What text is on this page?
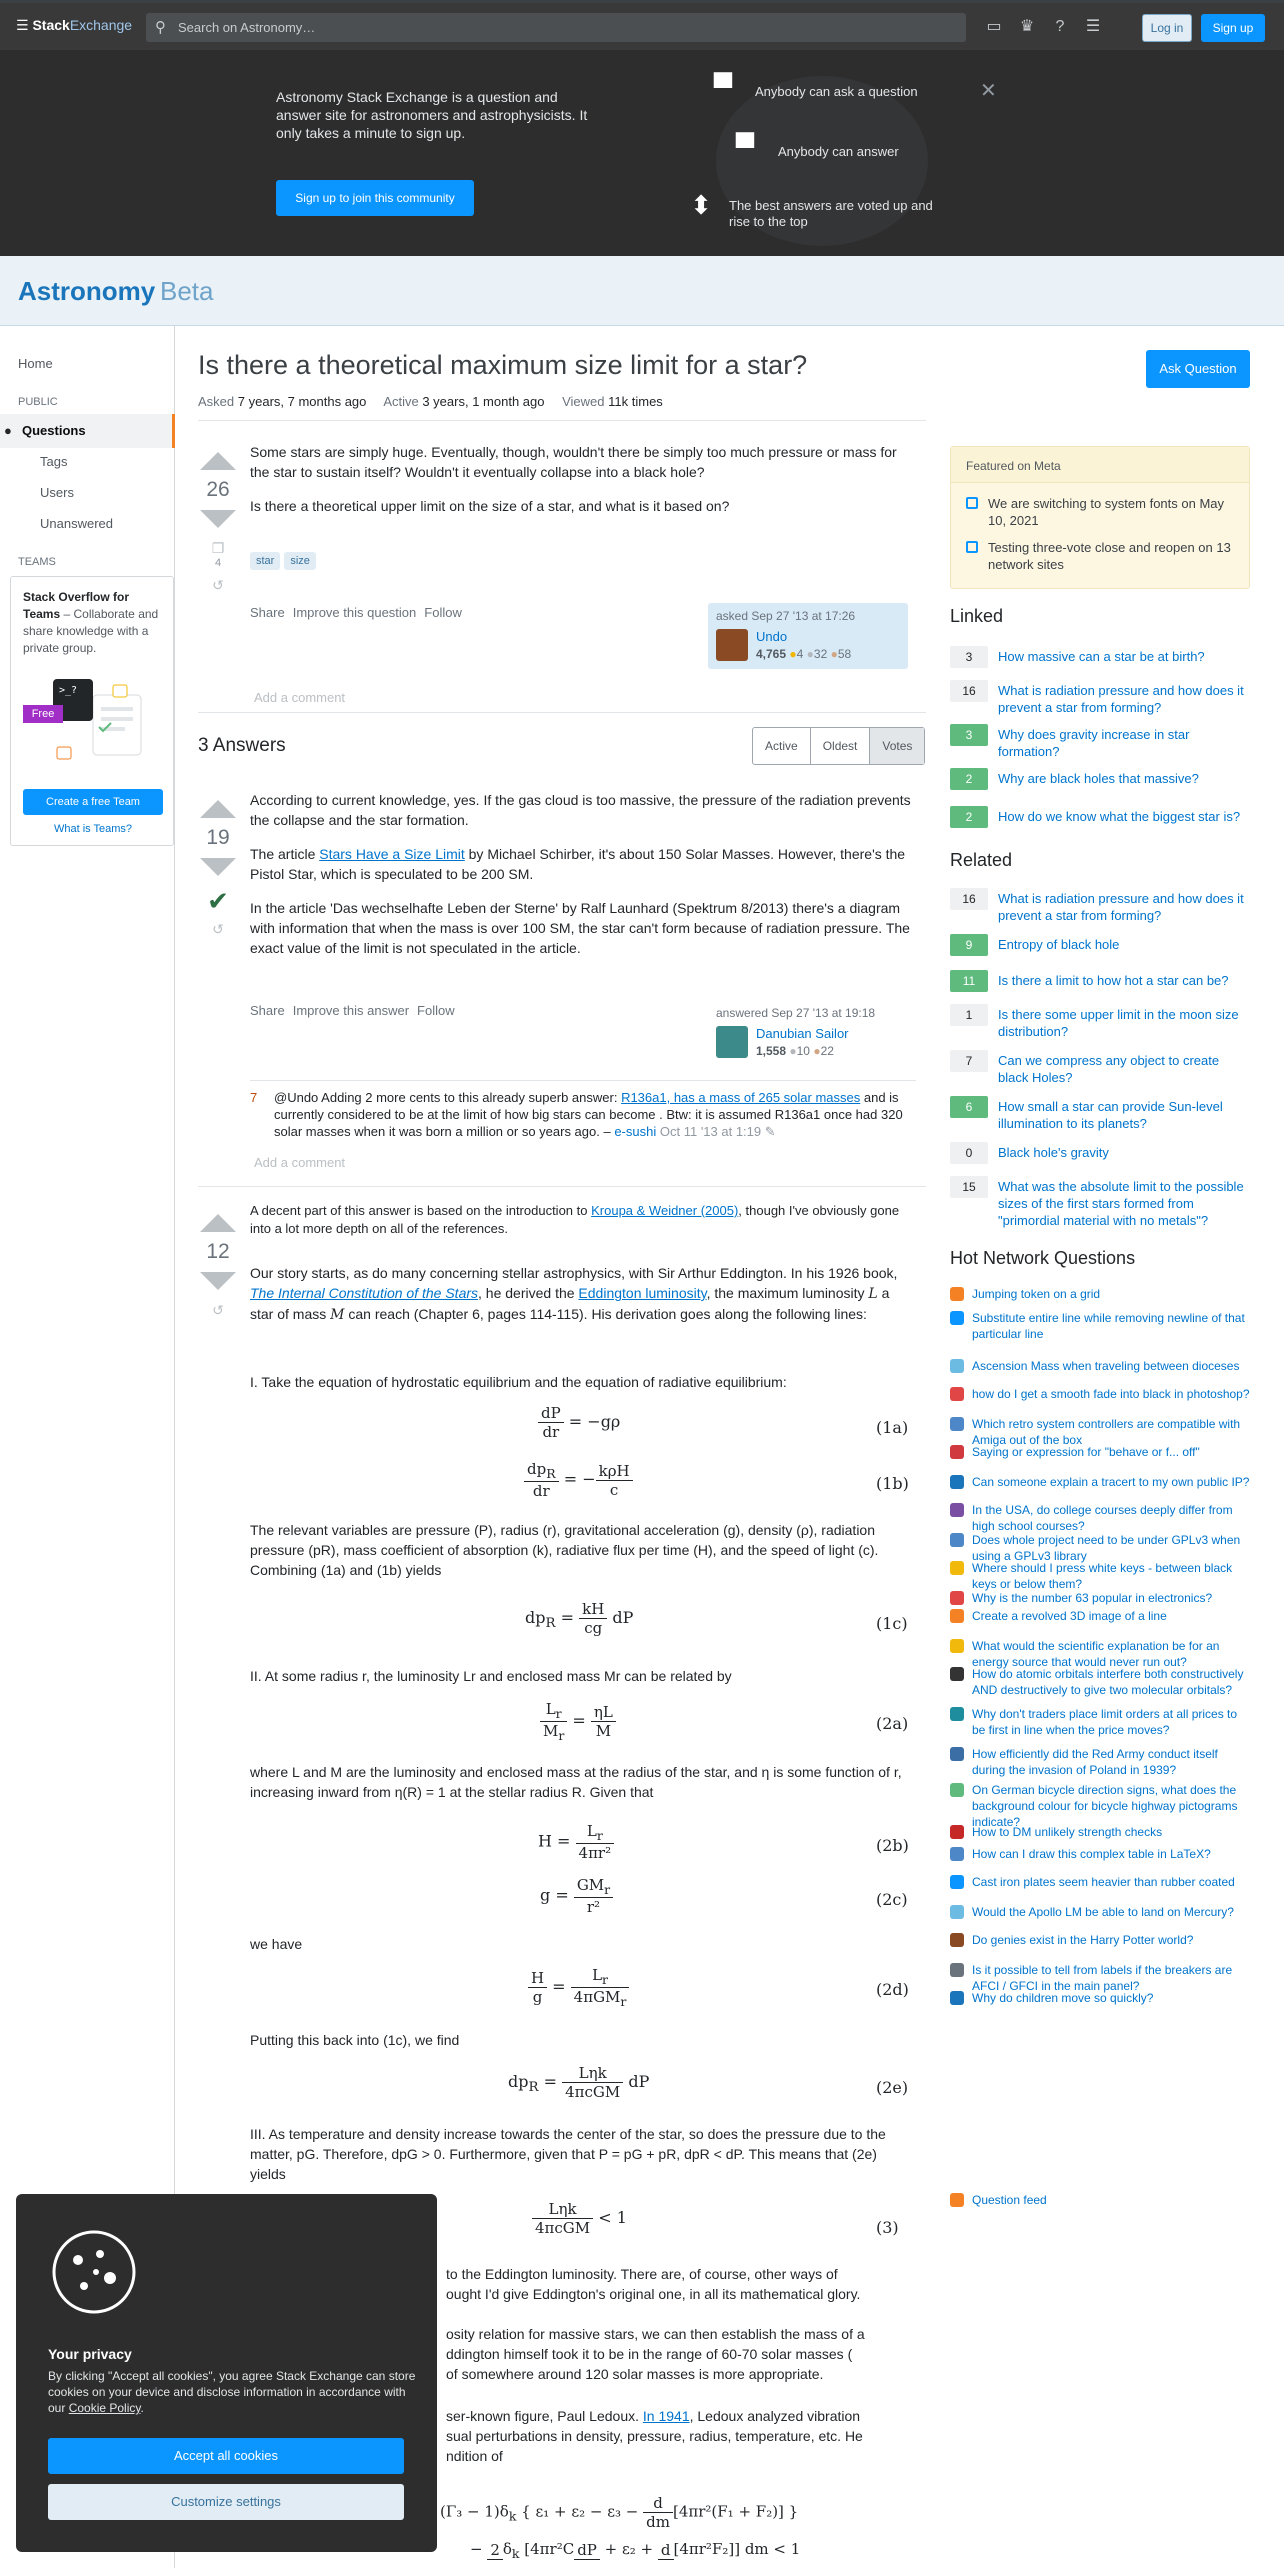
☰ StackExchange ⚲ Search on Astronomy…	▭ ♛ ? ☰	Log in	Sign up

Astronomy Stack Exchange is a question and answer site for astronomers and astrophysicists. It only takes a minute to sign up.

Sign up to join this community
▀	Anybody can ask a question
▀	Anybody can answer
⬍	The best answers are voted up and rise to the top
✕
Astronomy Beta
Home
PUBLIC
● Questions
Tags
Users
Unanswered
TEAMS
Stack Overflow for Teams – Collaborate and share knowledge with a private group.
>_?
Free
Create a free Team
What is Teams?
Is there a theoretical maximum size limit for a star?	Ask Question
Asked 7 years, 7 months ago Active 3 years, 1 month ago Viewed 11k times
26
❐
4
↺

Some stars are simply huge. Eventually, though, wouldn't there be simply too much pressure or mass for the star to sustain itself? Wouldn't it eventually collapse into a black hole?

Is there a theoretical upper limit on the size of a star, and what is it based on?

star size
Share Improve this question Follow	asked Sep 27 '13 at 17:26
Undo
4,765 ●4 ●32 ●58
Add a comment
3 Answers	Active	Oldest	Votes
19
✔
↺

According to current knowledge, yes. If the gas cloud is too massive, the pressure of the radiation prevents the collapse and the star formation.

The article Stars Have a Size Limit by Michael Schirber, it's about 150 Solar Masses. However, there's the Pistol Star, which is speculated to be 200 SM.

In the article 'Das wechselhafte Leben der Sterne' by Ralf Launhard (Spektrum 8/2013) there's a diagram with information that when the mass is over 100 SM, the star can't form because of radiation pressure. The exact value of the limit is not speculated in the article.

Share Improve this answer Follow	answered Sep 27 '13 at 19:18
Danubian Sailor
1,558 ●10 ●22
7 @Undo Adding 2 more cents to this already superb answer: R136a1, has a mass of 265 solar masses and is currently considered to be at the limit of how big stars can become . Btw: it is assumed R136a1 once had 320 solar masses when it was born a million or so years ago. – e-sushi Oct 11 '13 at 1:19 ✎
Add a comment
12
↺
A decent part of this answer is based on the introduction to Kroupa & Weidner (2005), though I've obviously gone into a lot more depth on all of the references.
Our story starts, as do many concerning stellar astrophysics, with Sir Arthur Eddington. In his 1926 book, The Internal Constitution of the Stars, he derived the Eddington luminosity, the maximum luminosity L a star of mass M can reach (Chapter 6, pages 114-115). His derivation goes along the following lines:
I. Take the equation of hydrostatic equilibrium and the equation of radiative equilibrium:
$\frac{dP}{dr} = -g\rho$	(1a)
$\frac{dp_R}{dr}$ = − $\frac{\text{kρH}}{c}$	(1b)
The relevant variables are pressure (P), radius (r), gravitational acceleration (g), density (ρ), radiation pressure (pR), mass coefficient of absorption (k), radiative flux per time (H), and the speed of light (c). Combining (1a) and (1b) yields
$dp_R = \frac{kH}{cg}$ dP	(1c)
II. At some radius r, the luminosity Lr and enclosed mass Mr can be related by
$\frac{L_r}{M_r} = \frac{\eta L}{M}$	(2a)
where L and M are the luminosity and enclosed mass at the radius of the star, and η is some function of r, increasing inward from η(R) = 1 at the stellar radius R. Given that
$H = \frac{L_r}{\text{4πr²}}$	(2b)
$g = \frac{GM_r}{\text{r²}}$	(2c)
we have
$\frac{H}{g} = \frac{L_r}{4\pi GM_r}$	(2d)
Putting this back into (1c), we find
$dp_R = \frac{\text{Lηk}}{\text{4πcGM}}$ dP	(2e)
III. As temperature and density increase towards the center of the star, so does the pressure due to the matter, pG. Therefore, dpG > 0. Furthermore, given that P = pG + pR, dpR < dP. This means that (2e) yields
$\frac{\text{Lηk}}{\text{4πcGM}} < 1$
(3)
to the Eddington luminosity. There are, of course, other ways of
ought I'd give Eddington's original one, in all its mathematical glory.
osity relation for massive stars, we can then establish the mass of a
ddington himself took it to be in the range of 60-70 solar masses (
of somewhere around 120 solar masses is more appropriate.
ser-known figure, Paul Ledoux. In 1941, Ledoux analyzed vibration
sual perturbations in density, pressure, radius, temperature, etc. He
ndition of
$(\Gamma_3 - 1)\delta_k$ { $\varepsilon_1 + \varepsilon_2 - \varepsilon_3 - \frac{d}{dm} [4\pi r^2(F_1 + F_2)]$ }
− 2 $\delta_k$ [4πr²C dP + ε₂ + d [4πr²F₂]] dm < 1
Featured on Meta
We are switching to system fonts on May 10, 2021
Testing three-vote close and reopen on 13 network sites
Linked
3	How massive can a star be at birth?
16	What is radiation pressure and how does it prevent a star from forming?
3	Why does gravity increase in star formation?
2	Why are black holes that massive?
2	How do we know what the biggest star is?
Related
16	What is radiation pressure and how does it prevent a star from forming?
9	Entropy of black hole
11	Is there a limit to how hot a star can be?
1	Is there some upper limit in the moon size distribution?
7	Can we compress any object to create black Holes?
6	How small a star can provide Sun-level illumination to its planets?
0	Black hole's gravity
15	What was the absolute limit to the possible sizes of the first stars formed from "primordial material with no metals"?
Hot Network Questions
Jumping token on a grid
Substitute entire line while removing newline of that particular line
Ascension Mass when traveling between dioceses
how do I get a smooth fade into black in photoshop?
Which retro system controllers are compatible with Amiga out of the box
Saying or expression for "behave or f... off"
Can someone explain a tracert to my own public IP?
In the USA, do college courses deeply differ from high school courses?
Does whole project need to be under GPLv3 when using a GPLv3 library
Where should I press white keys - between black keys or below them?
Why is the number 63 popular in electronics?
Create a revolved 3D image of a line
What would the scientific explanation be for an energy source that would never run out?
How do atomic orbitals interfere both constructively AND destructively to give two molecular orbitals?
Why don't traders place limit orders at all prices to be first in line when the price moves?
How efficiently did the Red Army conduct itself during the invasion of Poland in 1939?
On German bicycle direction signs, what does the background colour for bicycle highway pictograms indicate?
How to DM unlikely strength checks
How can I draw this complex table in LaTeX?
Cast iron plates seem heavier than rubber coated
Would the Apollo LM be able to land on Mercury?
Do genies exist in the Harry Potter world?
Is it possible to tell from labels if the breakers are AFCI / GFCI in the main panel?
Why do children move so quickly?
Question feed
Your privacy
By clicking "Accept all cookies", you agree Stack Exchange can store cookies on your device and disclose information in accordance with our Cookie Policy.
Accept all cookies
Customize settings
